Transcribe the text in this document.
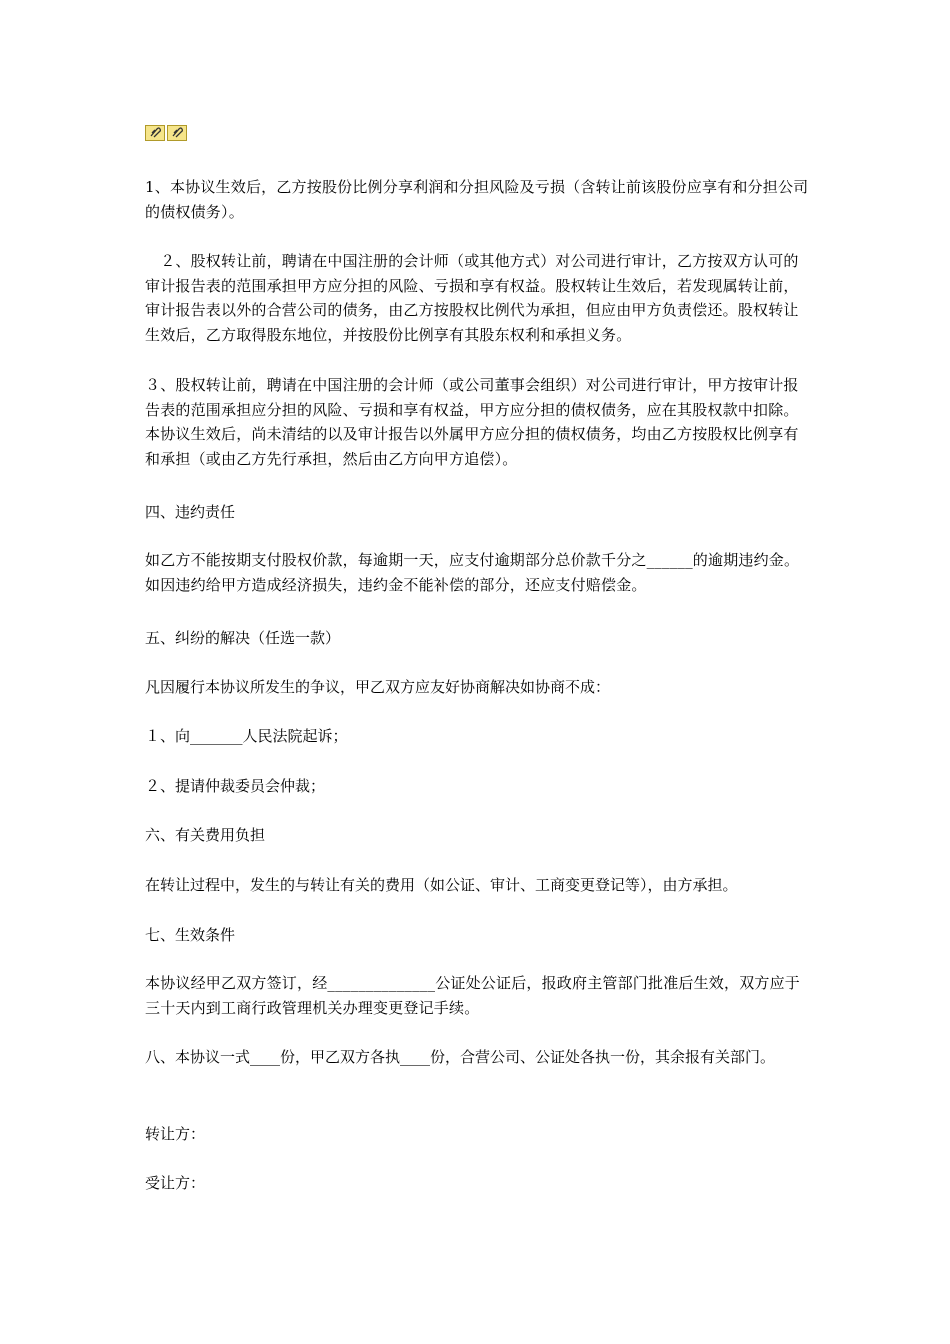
1、本协议生效后，乙方按股份比例分享利润和分担风险及亏损（含转让前该股份应享有和分担公司的债权债务）。

　２、股权转让前，聘请在中国注册的会计师（或其他方式）对公司进行审计，乙方按双方认可的审计报告表的范围承担甲方应分担的风险、亏损和享有权益。股权转让生效后，若发现属转让前，审计报告表以外的合营公司的债务，由乙方按股权比例代为承担，但应由甲方负责偿还。股权转让生效后，乙方取得股东地位，并按股份比例享有其股东权利和承担义务。

３、股权转让前，聘请在中国注册的会计师（或公司董事会组织）对公司进行审计，甲方按审计报告表的范围承担应分担的风险、亏损和享有权益，甲方应分担的债权债务，应在其股权款中扣除。本协议生效后，尚未清结的以及审计报告以外属甲方应分担的债权债务，均由乙方按股权比例享有和承担（或由乙方先行承担，然后由乙方向甲方追偿）。

四、违约责任

如乙方不能按期支付股权价款，每逾期一天，应支付逾期部分总价款千分之______的逾期违约金。如因违约给甲方造成经济损失，违约金不能补偿的部分，还应支付赔偿金。

五、纠纷的解决（任选一款）

凡因履行本协议所发生的争议，甲乙双方应友好协商解决如协商不成：

１、向_______人民法院起诉；

２、提请仲裁委员会仲裁；

六、有关费用负担

在转让过程中，发生的与转让有关的费用（如公证、审计、工商变更登记等），由方承担。

七、生效条件

本协议经甲乙双方签订，经______________公证处公证后，报政府主管部门批准后生效，双方应于三十天内到工商行政管理机关办理变更登记手续。

八、本协议一式____份，甲乙双方各执____份，合营公司、公证处各执一份，其余报有关部门。

转让方：

受让方：
